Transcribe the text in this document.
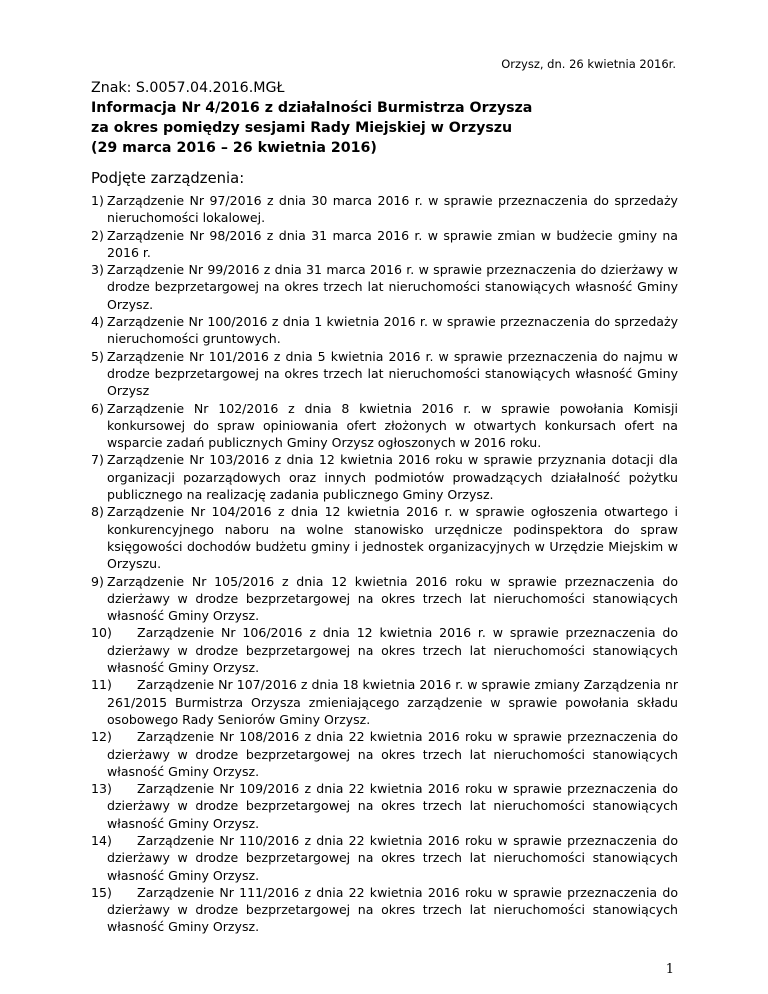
Orzysz, dn. 26 kwietnia 2016r.
Znak: S.0057.04.2016.MGŁ
Informacja Nr 4/2016 z działalności Burmistrza Orzysza
za okres pomiędzy sesjami Rady Miejskiej w Orzyszu
(29 marca 2016 – 26 kwietnia 2016)
Podjęte zarządzenia:
1) Zarządzenie Nr 97/2016 z dnia 30 marca 2016 r. w sprawie przeznaczenia do sprzedaży nieruchomości lokalowej.
2) Zarządzenie Nr 98/2016 z dnia 31 marca 2016 r. w sprawie zmian w budżecie gminy na 2016 r.
3) Zarządzenie Nr 99/2016 z dnia 31 marca 2016 r. w sprawie przeznaczenia do dzierżawy w drodze bezprzetargowej na okres trzech lat nieruchomości stanowiących własność Gminy Orzysz.
4) Zarządzenie Nr 100/2016 z dnia 1 kwietnia 2016 r. w sprawie przeznaczenia do sprzedaży nieruchomości gruntowych.
5) Zarządzenie Nr 101/2016 z dnia 5 kwietnia 2016 r. w sprawie przeznaczenia do najmu w drodze bezprzetargowej na okres trzech lat nieruchomości stanowiących własność Gminy Orzysz
6) Zarządzenie Nr 102/2016 z dnia 8 kwietnia 2016 r. w sprawie powołania Komisji konkursowej do spraw opiniowania ofert złożonych w otwartych konkursach ofert na wsparcie zadań publicznych Gminy Orzysz ogłoszonych w 2016 roku.
7) Zarządzenie Nr 103/2016 z dnia 12 kwietnia 2016 roku w sprawie przyznania dotacji dla organizacji pozarządowych oraz innych podmiotów prowadzących działalność pożytku publicznego na realizację zadania publicznego Gminy Orzysz.
8) Zarządzenie Nr 104/2016 z dnia 12 kwietnia 2016 r. w sprawie ogłoszenia otwartego i konkurencyjnego naboru na wolne stanowisko urzędnicze podinspektora do spraw księgowości dochodów budżetu gminy i jednostek organizacyjnych w Urzędzie Miejskim w Orzyszu.
9) Zarządzenie Nr 105/2016 z dnia 12 kwietnia 2016 roku w sprawie przeznaczenia do dzierżawy w drodze bezprzetargowej na okres trzech lat nieruchomości stanowiących własność Gminy Orzysz.
10) Zarządzenie Nr 106/2016 z dnia 12 kwietnia 2016 r. w sprawie przeznaczenia do dzierżawy w drodze bezprzetargowej na okres trzech lat nieruchomości stanowiących własność Gminy Orzysz.
11) Zarządzenie Nr 107/2016 z dnia 18 kwietnia 2016 r. w sprawie zmiany Zarządzenia nr 261/2015 Burmistrza Orzysza zmieniającego zarządzenie w sprawie powołania składu osobowego Rady Seniorów Gminy Orzysz.
12) Zarządzenie Nr 108/2016 z dnia 22 kwietnia 2016 roku w sprawie przeznaczenia do dzierżawy w drodze bezprzetargowej na okres trzech lat nieruchomości stanowiących własność Gminy Orzysz.
13) Zarządzenie Nr 109/2016 z dnia 22 kwietnia 2016 roku w sprawie przeznaczenia do dzierżawy w drodze bezprzetargowej na okres trzech lat nieruchomości stanowiących własność Gminy Orzysz.
14) Zarządzenie Nr 110/2016 z dnia 22 kwietnia 2016 roku w sprawie przeznaczenia do dzierżawy w drodze bezprzetargowej na okres trzech lat nieruchomości stanowiących własność Gminy Orzysz.
15) Zarządzenie Nr 111/2016 z dnia 22 kwietnia 2016 roku w sprawie przeznaczenia do dzierżawy w drodze bezprzetargowej na okres trzech lat nieruchomości stanowiących własność Gminy Orzysz.
1
